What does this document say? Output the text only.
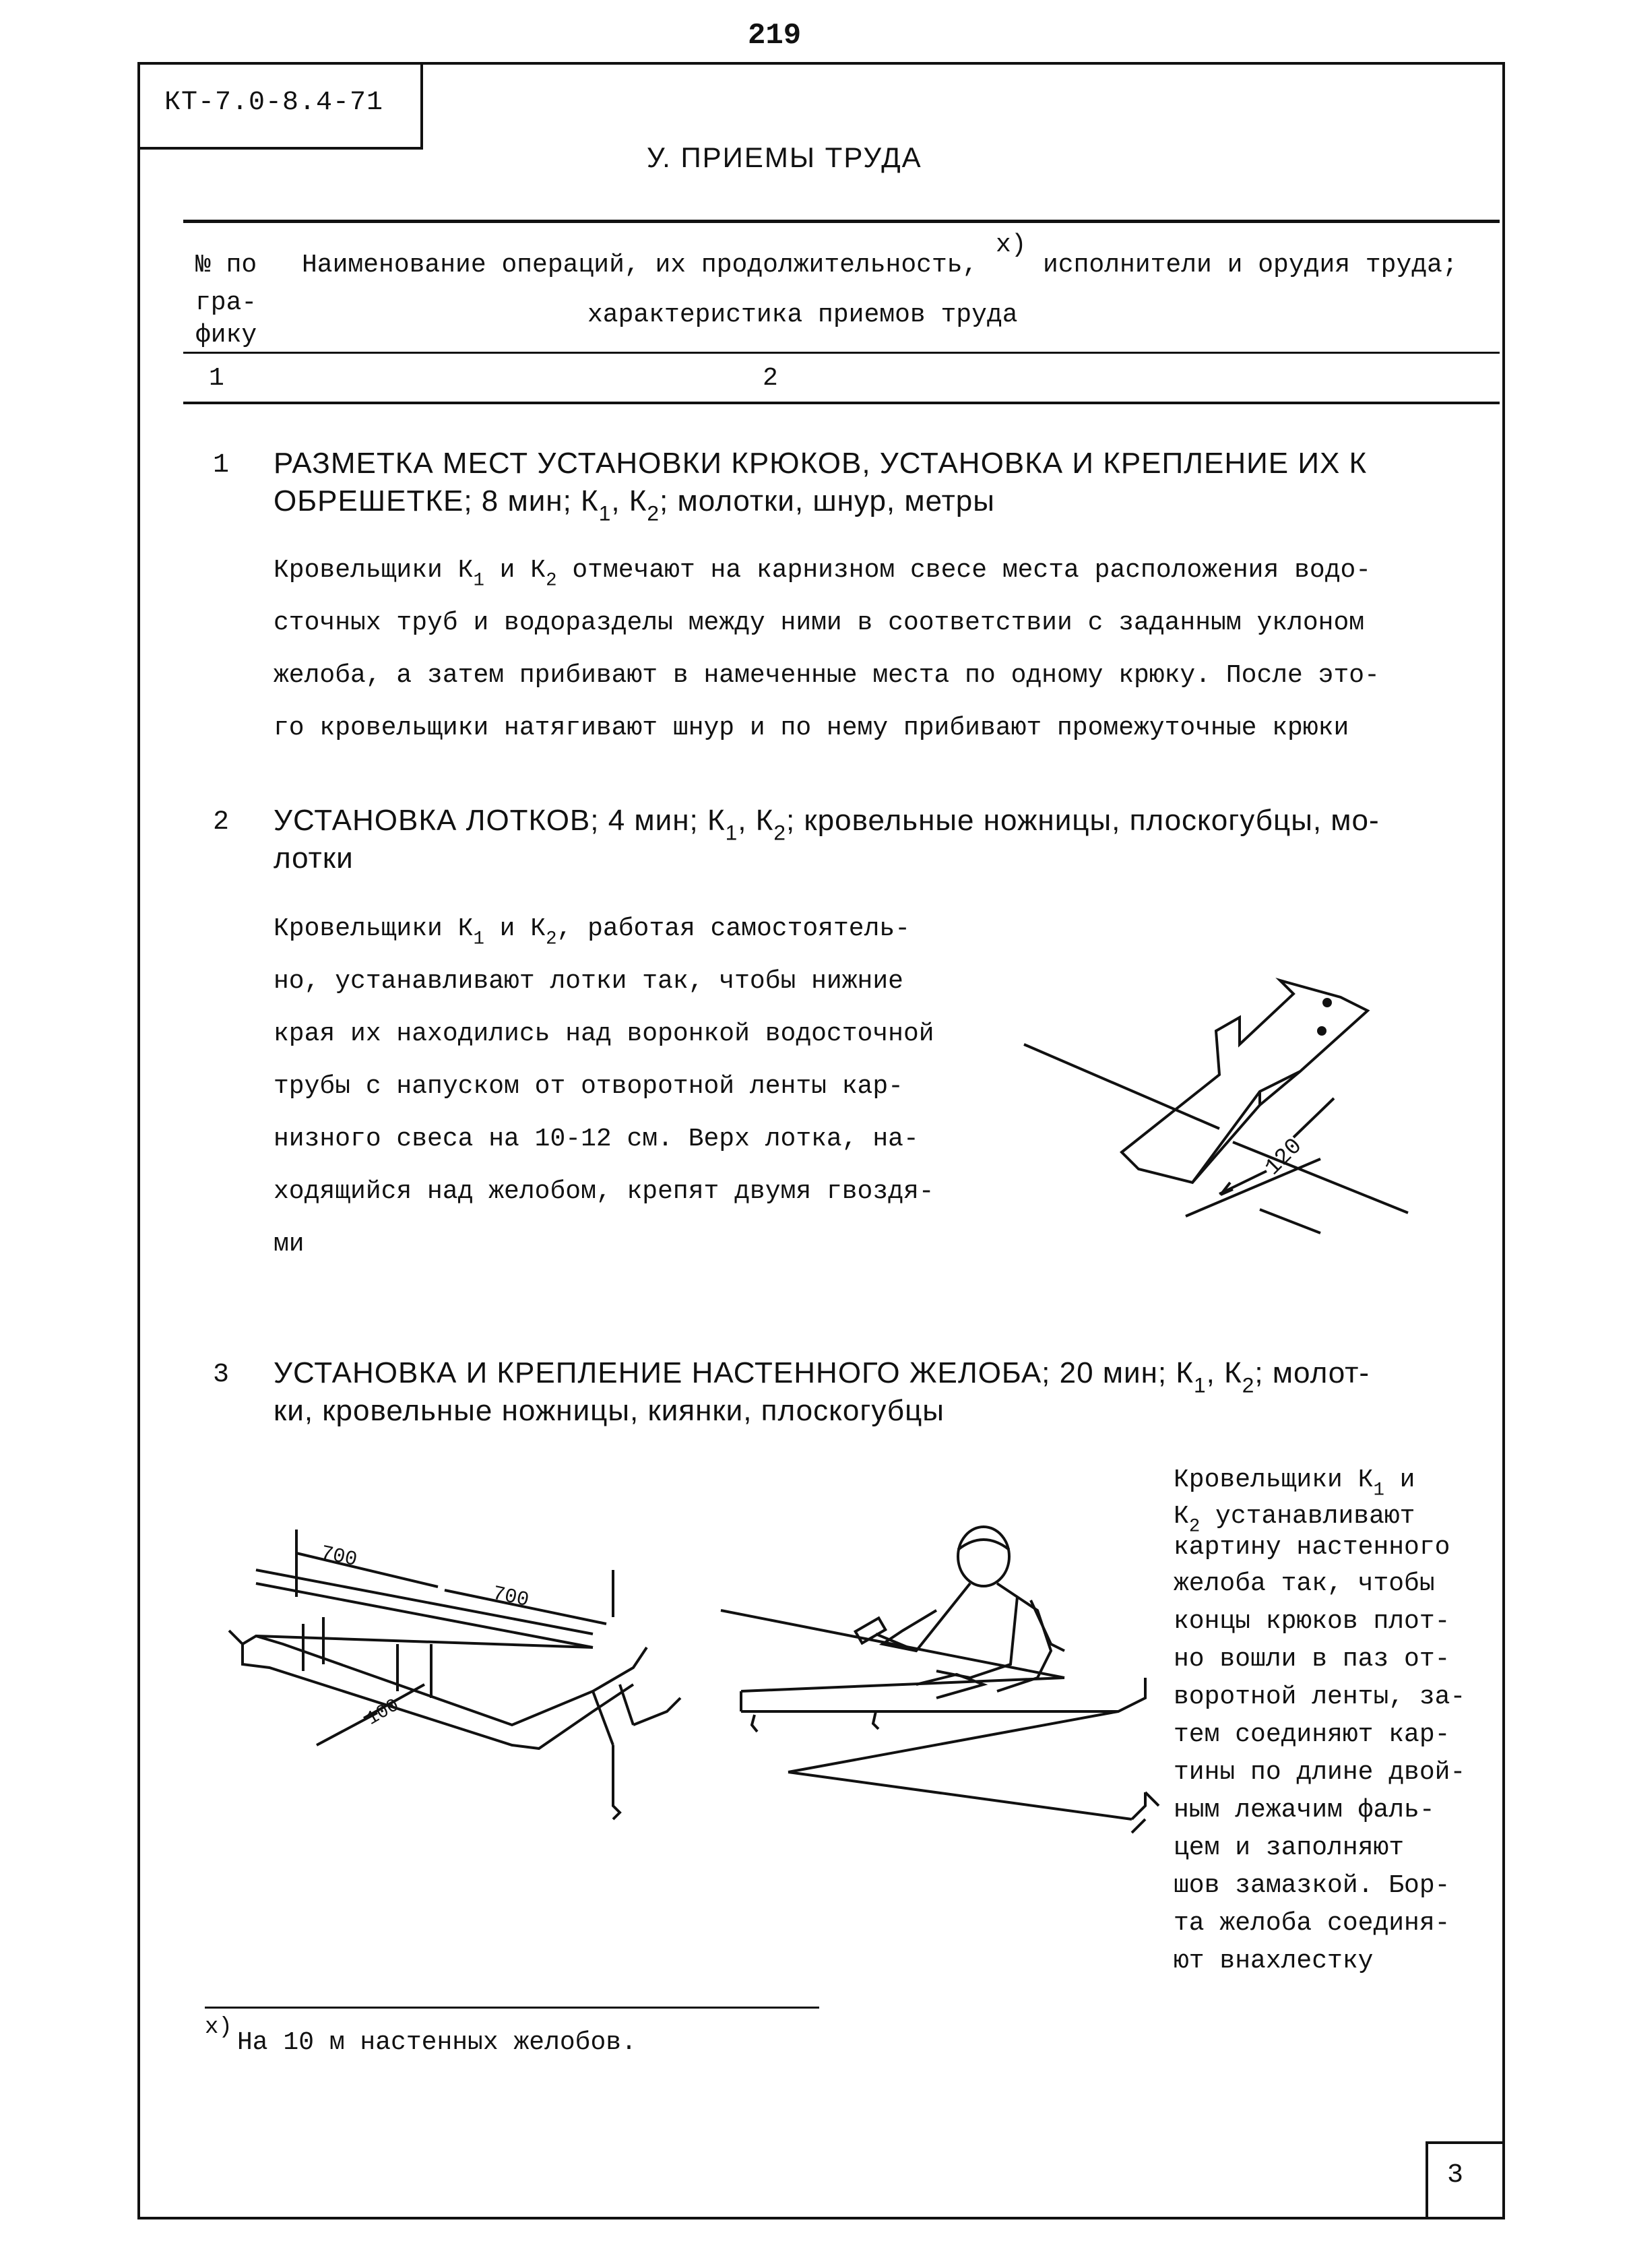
219
КТ-7.0-8.4-71
У. ПРИЕМЫ ТРУДА
№ по
гра-
фику
Наименование операций, их продолжительность,
x)
исполнители и орудия труда;
характеристика приемов труда
1	2
1 РАЗМЕТКА МЕСТ УСТАНОВКИ КРЮКОВ, УСТАНОВКА И КРЕПЛЕНИЕ ИХ К
ОБРЕШЕТКЕ; 8 мин; $К_1$, $К_2$; молотки, шнур, метры
Кровельщики $К_1$ и $К_2$ отмечают на карнизном свесе места расположения водо-
сточных труб и водоразделы между ними в соответствии с заданным уклоном
желоба, а затем прибивают в намеченные места по одному крюку. После это-
го кровельщики натягивают шнур и по нему прибивают промежуточные крюки
2 УСТАНОВКА ЛОТКОВ; 4 мин; $К_1$, $К_2$; кровельные ножницы, плоскогубцы, мо-
лотки
Кровельщики $К_1$ и $К_2$, работая самостоятель-
но, устанавливают лотки так, чтобы нижние
края их находились над воронкой водосточной
трубы с напуском от отворотной ленты кар-
низного свеса на 10-12 см. Верх лотка, на-
ходящийся над желобом, крепят двумя гвоздя-
ми
120
3 УСТАНОВКА И КРЕПЛЕНИЕ НАСТЕННОГО ЖЕЛОБА; 20 мин; $К_1$, $К_2$; молот-
ки, кровельные ножницы, киянки, плоскогубцы
Кровельщики $К_1$ и
$К_2$ устанавливают
картину настенного
желоба так, чтобы
концы крюков плот-
но вошли в паз от-
воротной ленты, за-
тем соединяют кар-
тины по длине двой-
ным лежачим фаль-
цем и заполняют
шов замазкой. Бор-
та желоба соединя-
ют внахлестку
700
700
100
x)
На 10 м настенных желобов.
3
